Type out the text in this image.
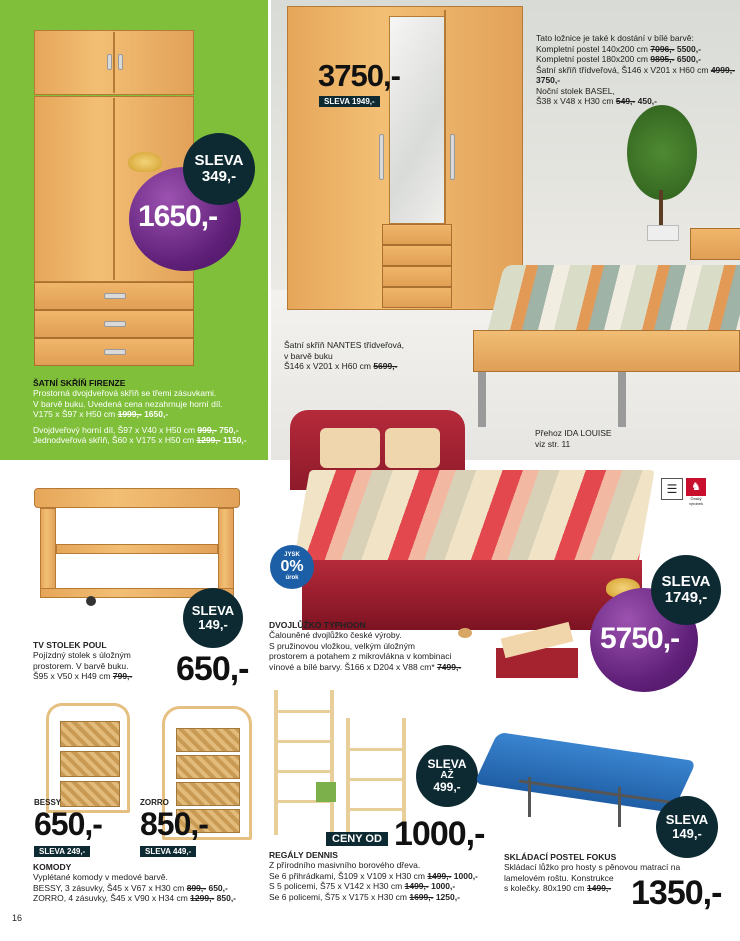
1650,-
SLEVA
349,-
ŠATNÍ SKŘÍŇ FIRENZE
Prostorná dvojdveřová skříň se třemi zásuvkami.
V barvě buku. Uvedená cena nezahrnuje horní díl.
V175 x Š97 x H50 cm 1999,- 1650,-
Dvojdveřový horní díl, Š97 x V40 x H50 cm 999,- 750,-
Jednodveřová skříň, Š60 x V175 x H50 cm 1299,- 1150,-
3750,-
SLEVA 1949,-
Tato ložnice je také k dostání v bílé barvě:
Kompletní postel 140x200 cm 7096,- 5500,-
Kompletní postel 180x200 cm 9895,- 6500,-
Šatní skříň třídveřová, Š146 x V201 x H60 cm 4999,- 3750,-
Noční stolek BASEL,
Š38 x V48 x H30 cm 549,- 450,-
Šatní skříň NANTES třídveřová,
v barvě buku
Š146 x V201 x H60 cm 5699,-
Přehoz IDA LOUISE
viz str. 11
SLEVA
149,-
TV STOLEK POUL
Pojízdný stolek s úložným
prostorem. V barvě buku.
Š95 x V50 x H49 cm 799,-	650,-
JYSK
0%
úrok
☰	♞
Český výrobek
5750,-
SLEVA
1749,-
DVOJLŮŽKO TYPHOON
Čalouněné dvojlůžko české výroby.
S pružinovou vložkou, velkým úložným
prostorem a potahem z mikrovlákna v kombinaci
vínové a bílé barvy. Š166 x D204 x V88 cm* 7499,-
BESSY
650,-
SLEVA 249,-
ZORRO
850,-
SLEVA 449,-
KOMODY
Vyplétané komody v medové barvě.
BESSY, 3 zásuvky, Š45 x V67 x H30 cm 899,- 650,-
ZORRO, 4 zásuvky, Š45 x V90 x H34 cm 1299,- 850,-
SLEVA
AŽ
499,-
CENY OD 1000,-
REGÁLY DENNIS
Z přírodního masivního borového dřeva.
Se 6 přihrádkami, Š109 x V109 x H30 cm 1499,- 1000,-
S 5 policemi, Š75 x V142 x H30 cm 1499,- 1000,-
Se 6 policemi, Š75 x V175 x H30 cm 1699,- 1250,-
SLEVA
149,-
SKLÁDACÍ POSTEL FOKUS
Skládací lůžko pro hosty s pěnovou matrací na
lamelovém roštu. Konstrukce
s kolečky. 80x190 cm 1499,- 1350,-
16
